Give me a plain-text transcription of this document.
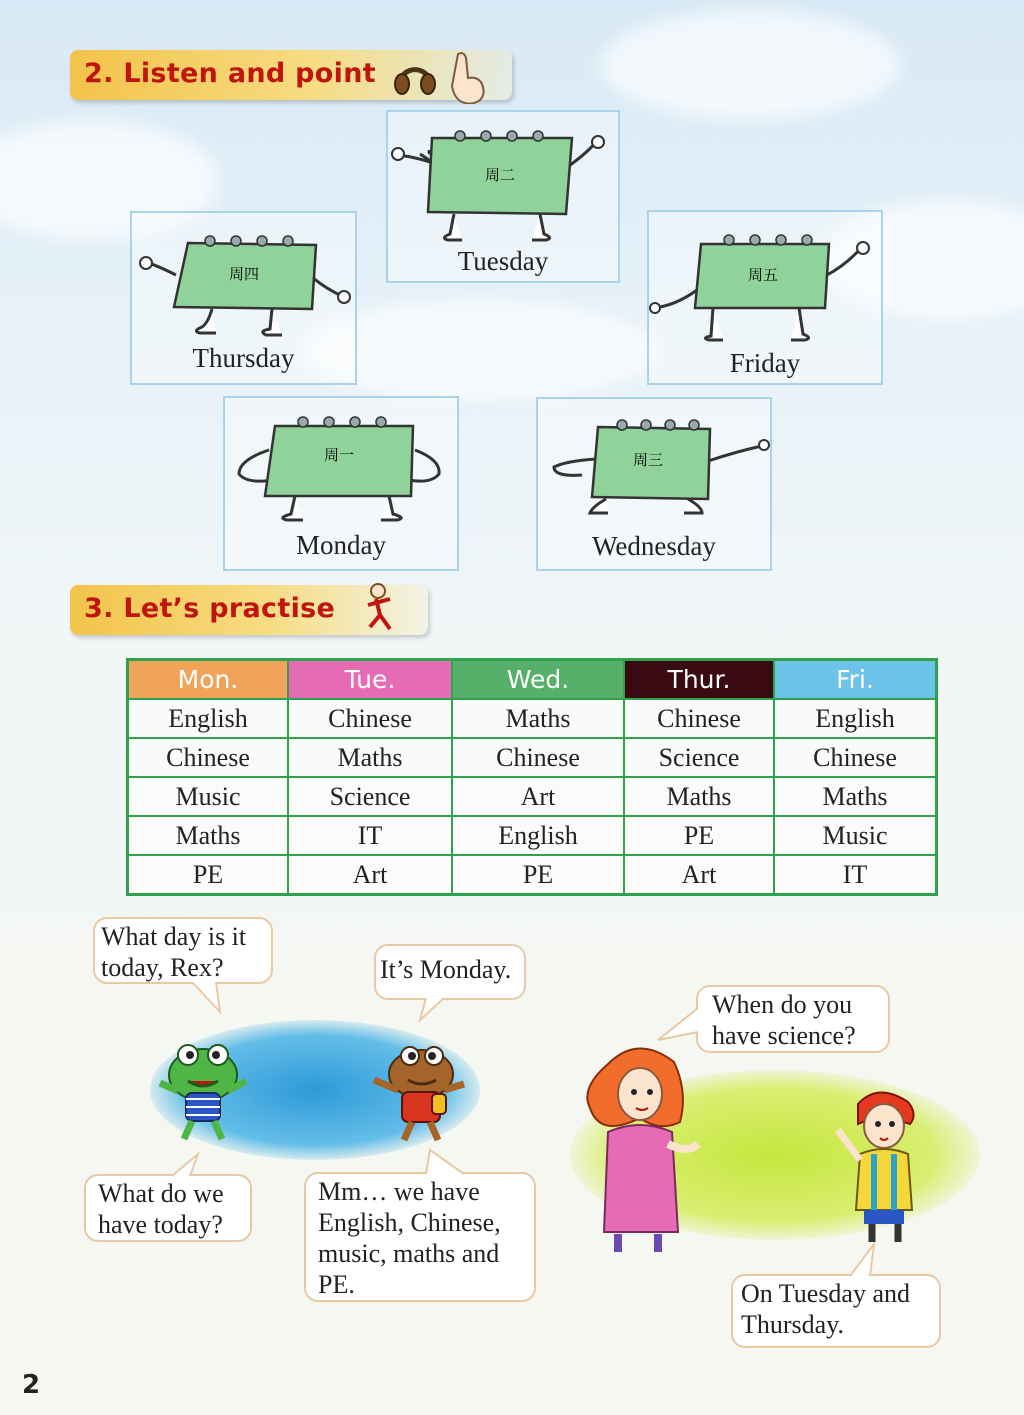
2. Listen and point
周二
Tuesday
周四
Thursday
周五
Friday
周一
Monday
周三
Wednesday
3. Let’s practise
Mon.	Tue.	Wed.	Thur.	Fri.
English	Chinese	Maths	Chinese	English
Chinese	Maths	Chinese	Science	Chinese
Music	Science	Art	Maths	Maths
Maths	IT	English	PE	Music
PE	Art	PE	Art	IT
What day is it today, Rex?	It’s Monday.
What do we have today?
Mm… we have English, Chinese, music, maths and PE.
When do you have science?
On Tuesday and Thursday.
2
